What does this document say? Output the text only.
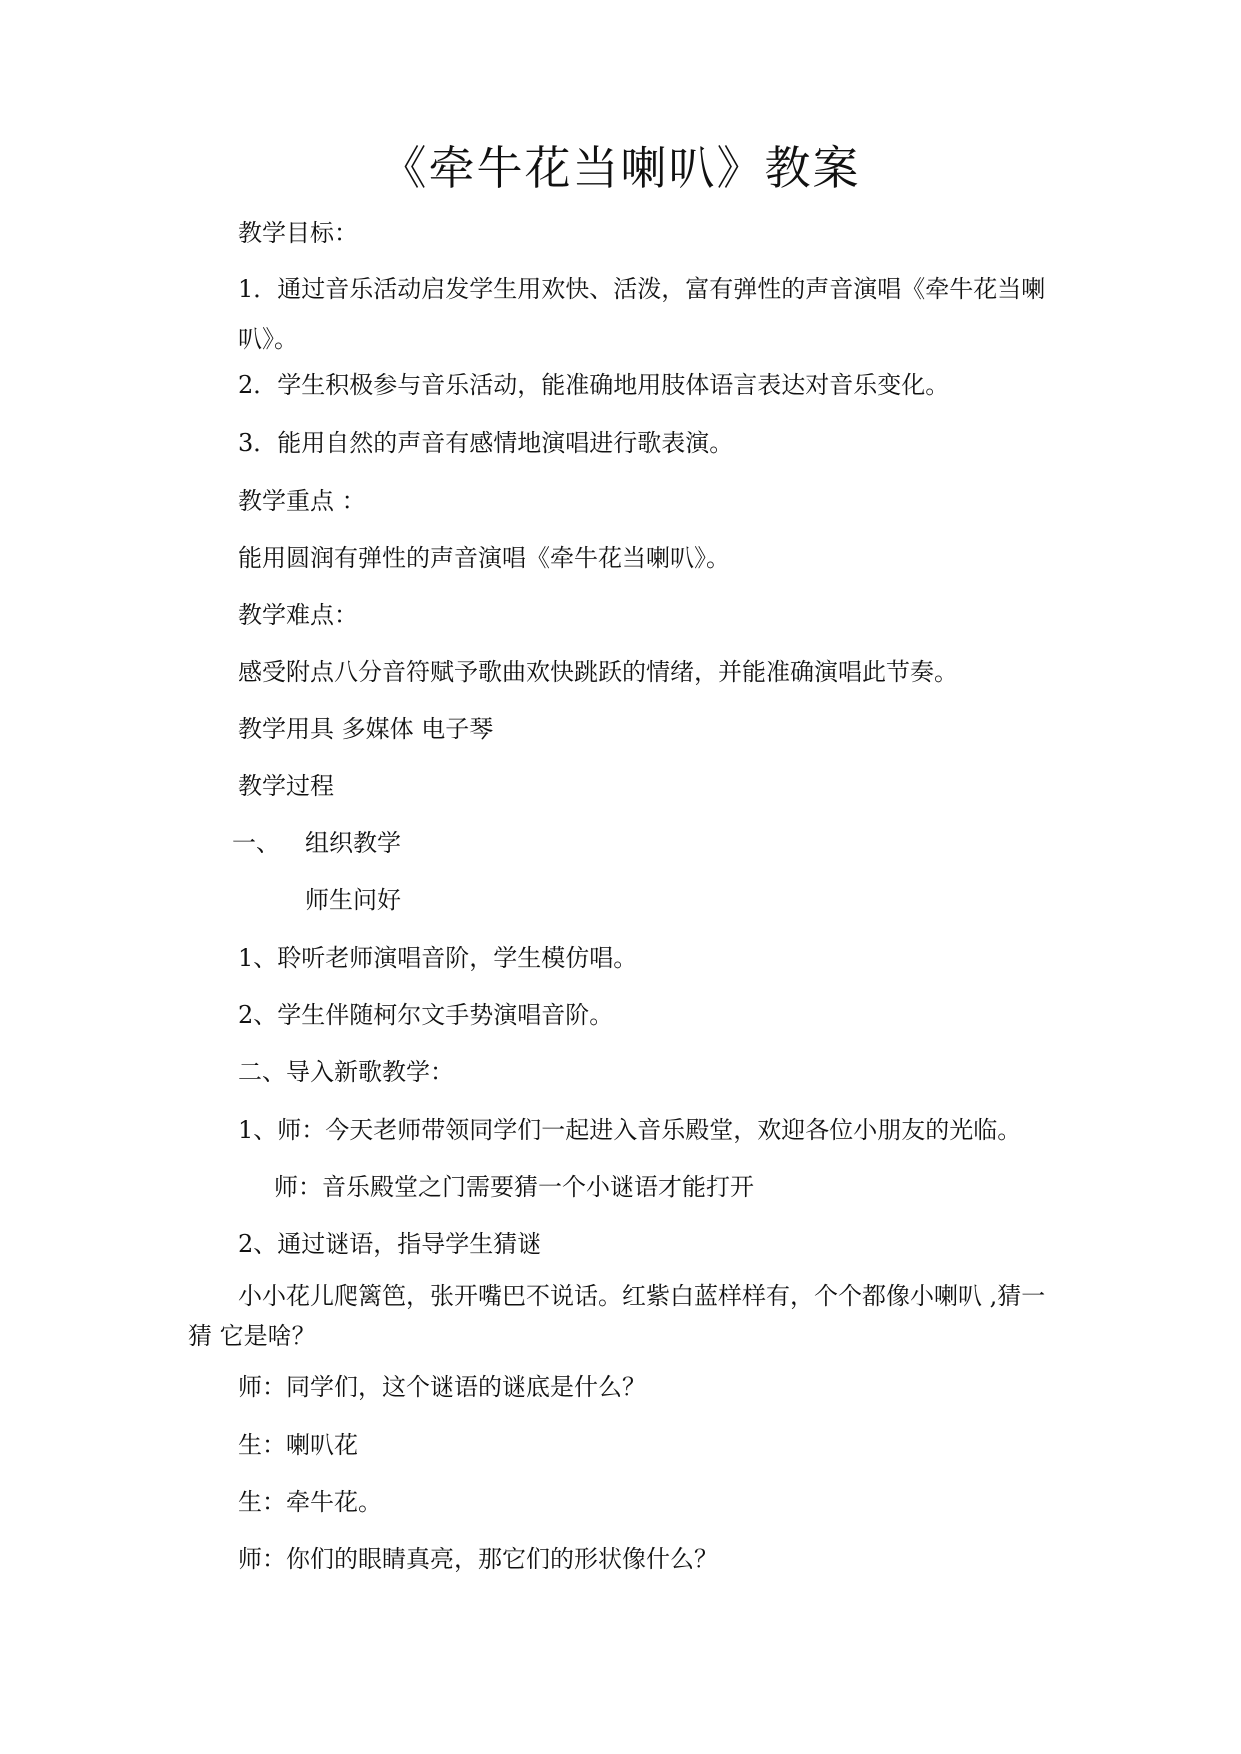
《牵牛花当喇叭》教案
教学目标：
1．通过音乐活动启发学生用欢快、活泼，富有弹性的声音演唱《牵牛花当喇叭》。
2．学生积极参与音乐活动，能准确地用肢体语言表达对音乐变化。
3．能用自然的声音有感情地演唱进行歌表演。
教学重点 ：
能用圆润有弹性的声音演唱《牵牛花当喇叭》。
教学难点：
感受附点八分音符赋予歌曲欢快跳跃的情绪，并能准确演唱此节奏。
教学用具 多媒体 电子琴
教学过程
一、 组织教学
师生问好
1、聆听老师演唱音阶，学生模仿唱。
2、学生伴随柯尔文手势演唱音阶。
二、导入新歌教学：
1、师：今天老师带领同学们一起进入音乐殿堂，欢迎各位小朋友的光临。
师：音乐殿堂之门需要猜一个小谜语才能打开
2、通过谜语，指导学生猜谜
小小花儿爬篱笆，张开嘴巴不说话。红紫白蓝样样有，个个都像小喇叭 ,猜一猜 它是啥？
师：同学们，这个谜语的谜底是什么？
生：喇叭花
生：牵牛花。
师：你们的眼睛真亮，那它们的形状像什么？
